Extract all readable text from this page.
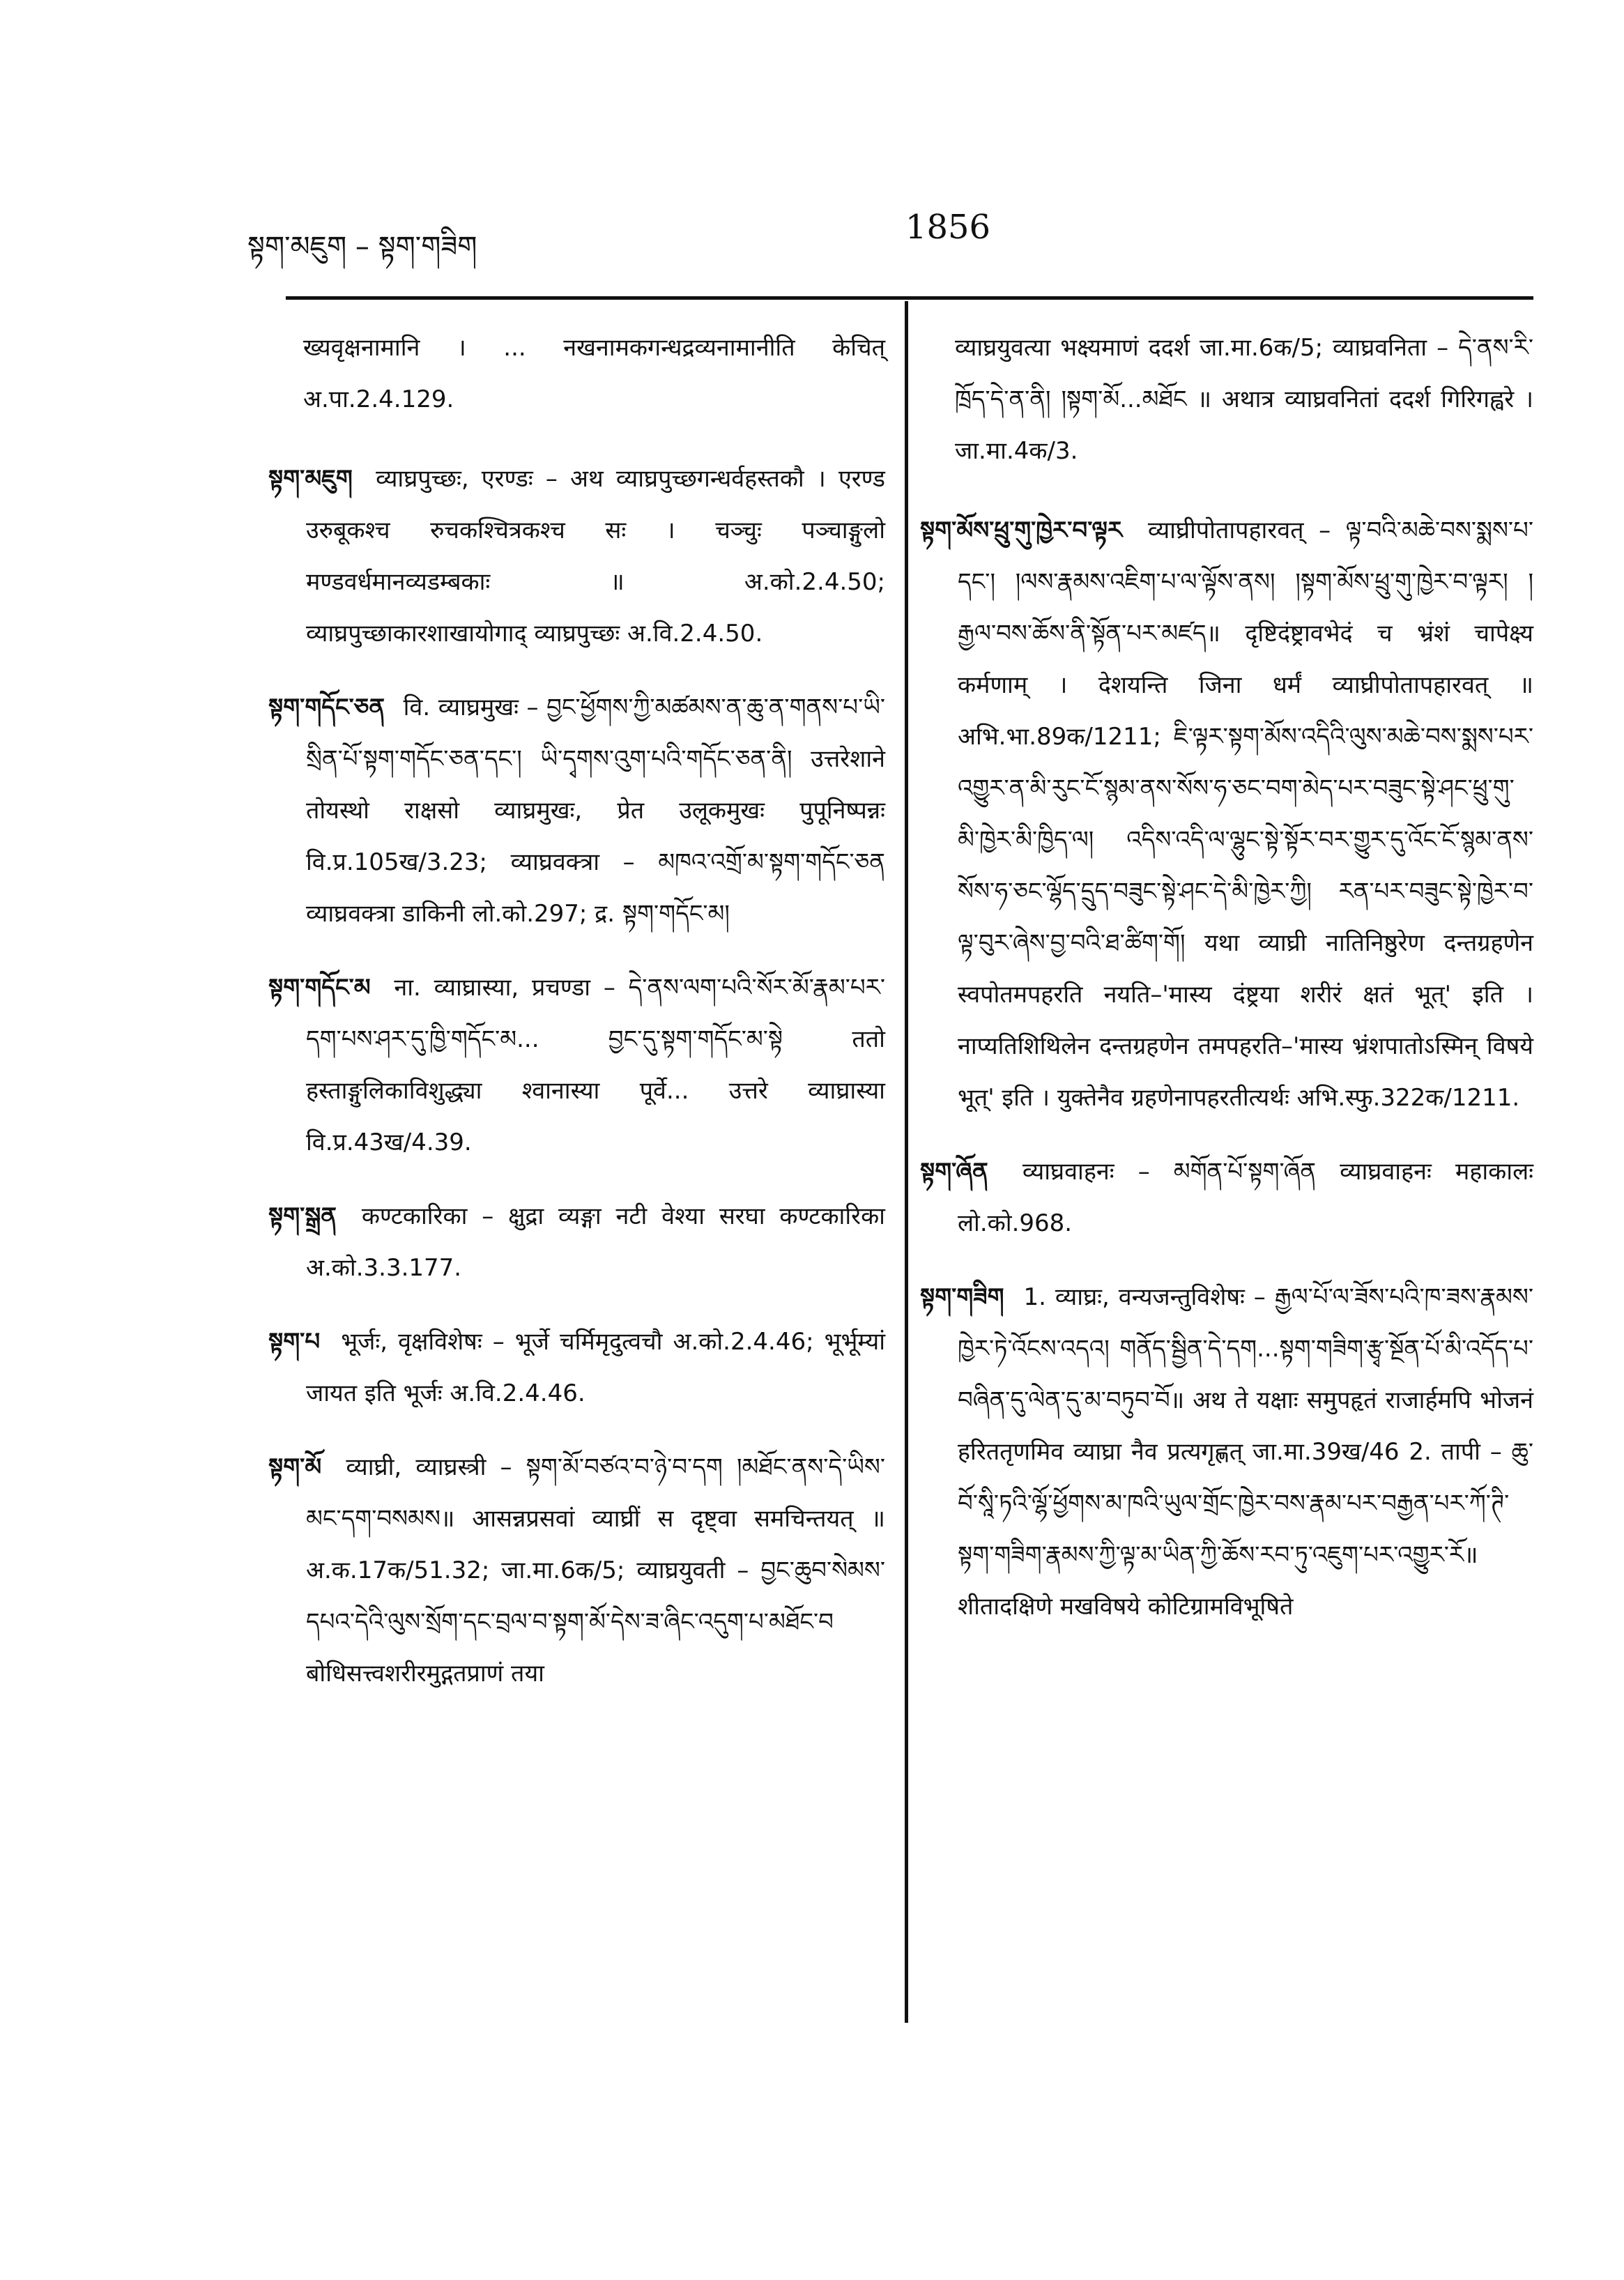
སྟག་མཇུག – སྟག་གཟིག	1856

ख्यवृक्षनामानि । ... नखनामकगन्धद्रव्यनामानीति केचित् अ.पा.2.4.129.

སྟག་མཇུག व्याघ्रपुच्छः, एरण्डः – अथ व्याघ्रपुच्छगन्धर्वहस्तकौ । एरण्ड उरुबूकश्च रुचकश्चित्रकश्च सः । चञ्चुः पञ्चाङ्गुलो मण्डवर्धमानव्यडम्बकाः ॥ अ.को.2.4.50; व्याघ्रपुच्छाकारशाखायोगाद् व्याघ्रपुच्छः अ.वि.2.4.50.

སྟག་གདོང་ཅན वि. व्याघ्रमुखः – བྱང་ཕྱོགས་ཀྱི་མཚམས་ན་ཆུ་ན་གནས་པ་ཡི་སྲིན་པོ་སྟག་གདོང་ཅན་དང་། ཡི་དྭགས་འུག་པའི་གདོང་ཅན་ནི། उत्तरेशाने तोयस्थो राक्षसो व्याघ्रमुखः, प्रेत उलूकमुखः पुपूनिष्पन्नः वि.प्र.105ख/3.23; व्याघ्रवक्त्रा – མཁའ་འགྲོ་མ་སྟག་གདོང་ཅན व्याघ्रवक्त्रा डाकिनी लो.को.297; द्र. སྟག་གདོང་མ།

སྟག་གདོང་མ ना. व्याघ्रास्या, प्रचण्डा – དེ་ནས་ལག་པའི་སོར་མོ་རྣམ་པར་དག་པས་ཤར་དུ་ཁྱི་གདོང་མ... བྱང་དུ་སྟག་གདོང་མ་སྟེ ततो हस्ताङ्गुलिकाविशुद्ध्या श्वानास्या पूर्वे... उत्तरे व्याघ्रास्या वि.प्र.43ख/4.39.

སྟག་སྒྲན कण्टकारिका – क्षुद्रा व्यङ्गा नटी वेश्या सरघा कण्टकारिका अ.को.3.3.177.

སྟག་པ भूर्जः, वृक्षविशेषः – भूर्जे चर्मिमृदुत्वचौ अ.को.2.4.46; भूर्भूम्यां जायत इति भूर्जः अ.वि.2.4.46.

སྟག་མོ व्याघ्री, व्याघ्रस्त्री – སྟག་མོ་བཙའ་བ་ཉེ་བ་དག །མཐོང་ནས་དེ་ཡིས་མང་དག་བསམས॥ आसन्नप्रसवां व्याघ्रीं स दृष्ट्वा समचिन्तयत् ॥ अ.क.17क/51.32; जा.मा.6क/5; व्याघ्रयुवती – བྱང་ཆུབ་སེམས་དཔའ་དེའི་ལུས་སྲོག་དང་བྲལ་བ་སྟག་མོ་དེས་ཟ་ཞིང་འདུག་པ་མཐོང་བ बोधिसत्त्वशरीरमुद्गतप्राणं तया

व्याघ्रयुवत्या भक्ष्यमाणं ददर्श जा.मा.6क/5; व्याघ्रवनिता – དེ་ནས་རི་ཁྲོད་དེ་ན་ནི། །སྟག་མོ...མཐོང ॥ अथात्र व्याघ्रवनितां ददर्श गिरिगह्वरे । जा.मा.4क/3.

སྟག་མོས་ཕྲུ་གུ་ཁྱེར་བ་ལྟར व्याघ्रीपोतापहारवत् – ལྟ་བའི་མཆེ་བས་སྨས་པ་དང་། །ལས་རྣམས་འཇིག་པ་ལ་ལྟོས་ནས། །སྟག་མོས་ཕྲུ་གུ་ཁྱེར་བ་ལྟར། །རྒྱལ་བས་ཆོས་ནི་སྟོན་པར་མཛད॥ दृष्टिदंष्ट्रावभेदं च भ्रंशं चापेक्ष्य कर्मणाम् । देशयन्ति जिना धर्मं व्याघ्रीपोतापहारवत् ॥ अभि.भा.89क/1211; ཇི་ལྟར་སྟག་མོས་འདིའི་ལུས་མཆེ་བས་སྨས་པར་འགྱུར་ན་མི་རུང་ངོ་སྙམ་ནས་སོས་ཧ་ཅང་བག་མེད་པར་བཟུང་སྟེ་ཤང་ཕྲུ་གུ་མི་ཁྱེར་མི་ཁྱིད་ལ། འདིས་འདི་ལ་ལྷུང་སྟེ་སྟོར་བར་གྱུར་དུ་འོང་ངོ་སྙམ་ནས་སོས་ཧ་ཅང་ལྷོད་དྲུད་བཟུང་སྟེ་ཤང་དེ་མི་ཁྱེར་ཀྱི། རན་པར་བཟུང་སྟེ་ཁྱེར་བ་ལྟ་བུར་ཞེས་བྱ་བའི་ཐ་ཚིག་གོ། यथा व्याघ्री नातिनिष्ठुरेण दन्तग्रहणेन स्वपोतमपहरति नयति–'मास्य दंष्ट्रया शरीरं क्षतं भूत्' इति । नाप्यतिशिथिलेन दन्तग्रहणेन तमपहरति–'मास्य भ्रंशपातोऽस्मिन् विषये भूत्' इति । युक्तेनैव ग्रहणेनापहरतीत्यर्थः अभि.स्फु.322क/1211.

སྟག་ཞོན व्याघ्रवाहनः – མགོན་པོ་སྟག་ཞོན व्याघ्रवाहनः महाकालः लो.को.968.

སྟག་གཟིག 1. व्याघ्रः, वन्यजन्तुविशेषः – རྒྱལ་པོ་ལ་ཟོས་པའི་ཁ་ཟས་རྣམས་ཁྱེར་ཏེ་འོངས་འདའ། གནོད་སྦྱིན་དེ་དག...སྟག་གཟིག་རྩྭ་སྔོན་པོ་མི་འདོད་པ་བཞིན་དུ་ལེན་དུ་མ་བཏུབ་བོ॥ अथ ते यक्षाः समुपहृतं राजार्हमपि भोजनं हरिततृणमिव व्याघ्रा नैव प्रत्यगृह्णत् जा.मा.39ख/46 2. तापी – ཆུ་བོ་སཱི་ཏའི་ལྷོ་ཕྱོགས་མ་ཁའི་ཡུལ་གྲོང་ཁྱེར་བས་རྣམ་པར་བརྒྱན་པར་ཀོ་ཊི་སྟག་གཟིག་རྣམས་ཀྱི་ལྟ་མ་ཡིན་ཀྱི་ཆོས་རབ་ཏུ་འཇུག་པར་འགྱུར་རོ॥ शीतादक्षिणे मखविषये कोटिग्रामविभूषिते
